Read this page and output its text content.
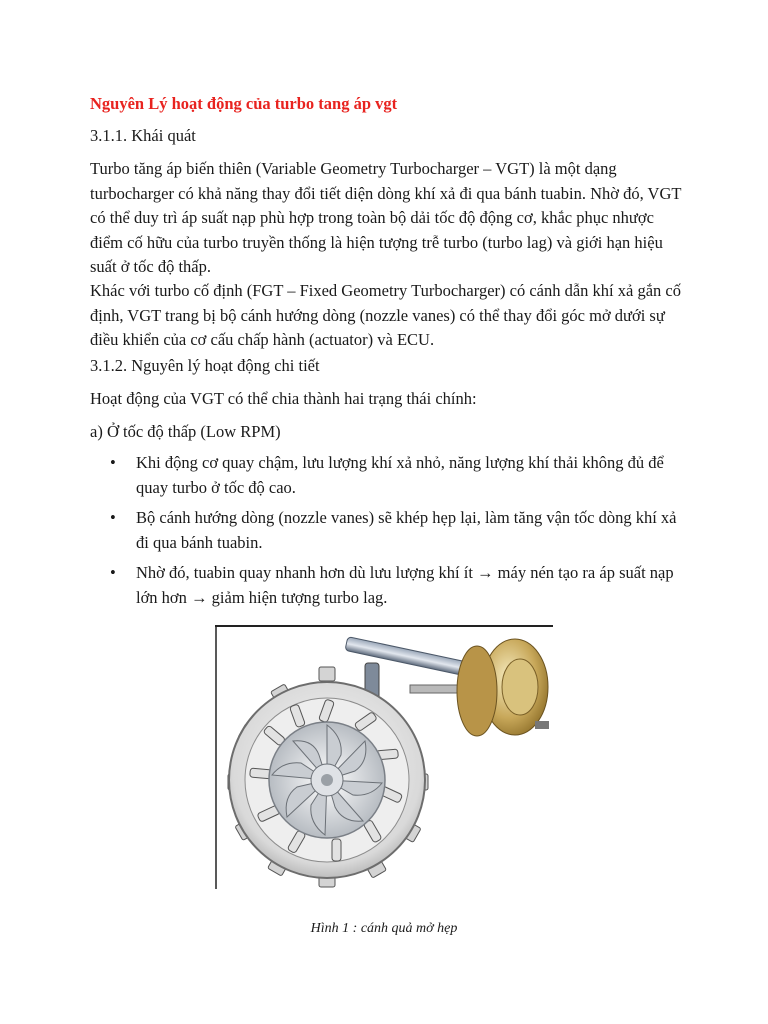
Nguyên Lý hoạt động của turbo tang áp vgt

3.1.1. Khái quát

Turbo tăng áp biến thiên (Variable Geometry Turbocharger – VGT) là một dạng turbocharger có khả năng thay đổi tiết diện dòng khí xả đi qua bánh tuabin. Nhờ đó, VGT có thể duy trì áp suất nạp phù hợp trong toàn bộ dải tốc độ động cơ, khắc phục nhược điểm cố hữu của turbo truyền thống là hiện tượng trễ turbo (turbo lag) và giới hạn hiệu suất ở tốc độ thấp.

Khác với turbo cố định (FGT – Fixed Geometry Turbocharger) có cánh dẫn khí xả gắn cố định, VGT trang bị bộ cánh hướng dòng (nozzle vanes) có thể thay đổi góc mở dưới sự điều khiển của cơ cấu chấp hành (actuator) và ECU.

3.1.2. Nguyên lý hoạt động chi tiết

Hoạt động của VGT có thể chia thành hai trạng thái chính:

a) Ở tốc độ thấp (Low RPM)

• Khi động cơ quay chậm, lưu lượng khí xả nhỏ, năng lượng khí thải không đủ để quay turbo ở tốc độ cao.
• Bộ cánh hướng dòng (nozzle vanes) sẽ khép hẹp lại, làm tăng vận tốc dòng khí xả đi qua bánh tuabin.
• Nhờ đó, tuabin quay nhanh hơn dù lưu lượng khí ít → máy nén tạo ra áp suất nạp lớn hơn → giảm hiện tượng turbo lag.

Hình 1 : cánh quả mở hẹp
